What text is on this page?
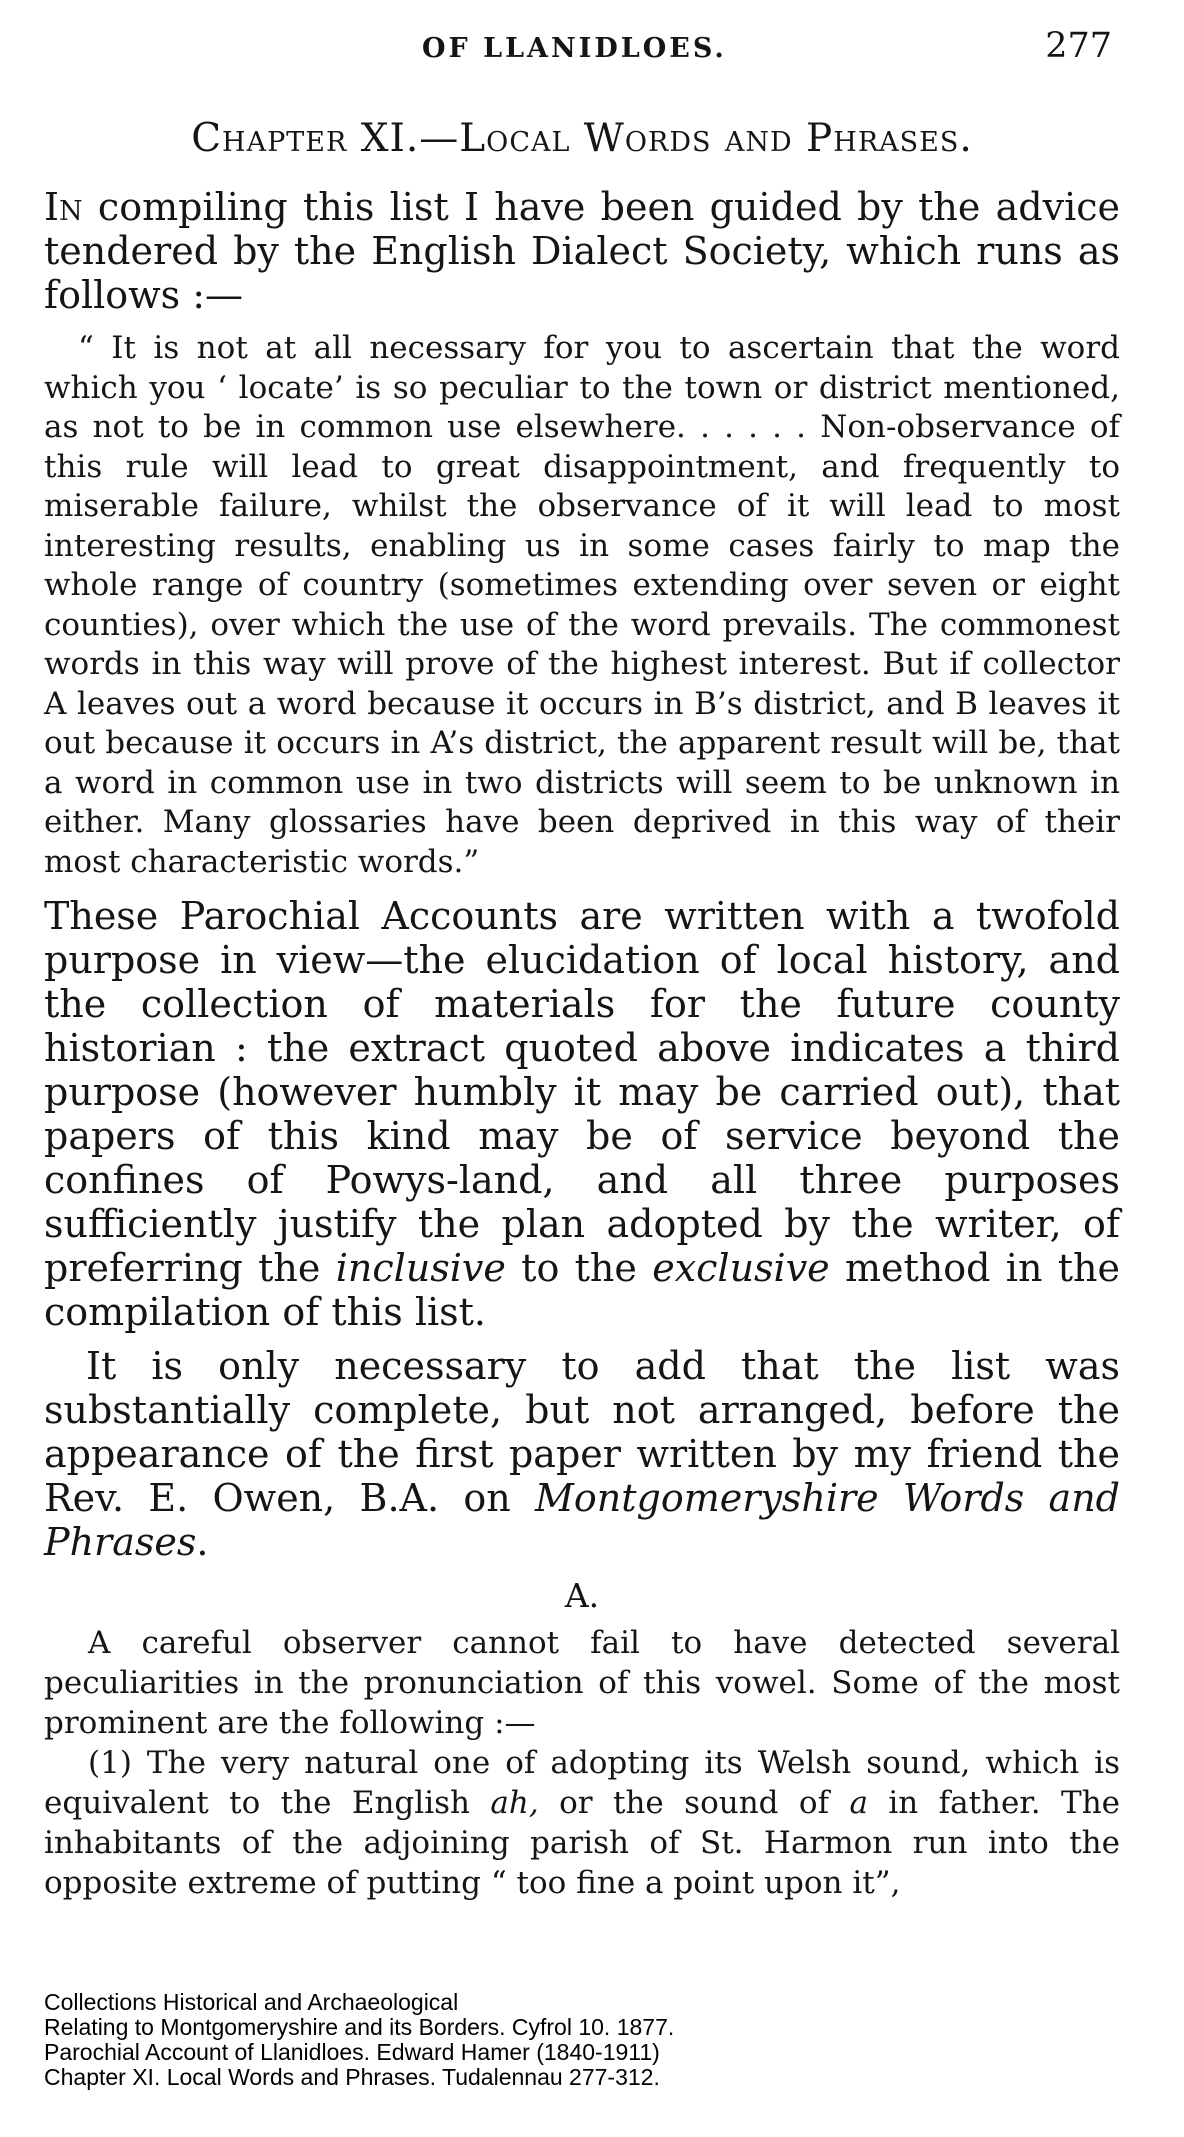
OF LLANIDLOES.	277
Chapter XI.—Local Words and Phrases.

In compiling this list I have been guided by the advice tendered by the English Dialect Society, which runs as follows :—

“ It is not at all necessary for you to ascertain that the word which you ‘ locate’ is so peculiar to the town or district mentioned, as not to be in common use elsewhere. . . . . . Non-observance of this rule will lead to great disappointment, and frequently to miserable failure, whilst the observance of it will lead to most interesting results, enabling us in some cases fairly to map the whole range of country (sometimes extending over seven or eight counties), over which the use of the word prevails. The commonest words in this way will prove of the highest interest. But if collector A leaves out a word because it occurs in B’s district, and B leaves it out because it occurs in A’s district, the apparent result will be, that a word in common use in two districts will seem to be unknown in either. Many glossaries have been deprived in this way of their most characteristic words.”

These Parochial Accounts are written with a twofold purpose in view—the elucidation of local history, and the collection of materials for the future county historian : the extract quoted above indicates a third purpose (however humbly it may be carried out), that papers of this kind may be of service beyond the confines of Powys-land, and all three purposes sufficiently justify the plan adopted by the writer, of preferring the inclusive to the exclusive method in the compilation of this list.

It is only necessary to add that the list was substantially complete, but not arranged, before the appearance of the first paper written by my friend the Rev. E. Owen, B.A. on Montgomeryshire Words and Phrases.

A.

A careful observer cannot fail to have detected several peculiarities in the pronunciation of this vowel. Some of the most prominent are the following :—

(1) The very natural one of adopting its Welsh sound, which is equivalent to the English ah, or the sound of a in father. The inhabitants of the adjoining parish of St. Harmon run into the opposite extreme of putting “ too fine a point upon it”,

Collections Historical and Archaeological
Relating to Montgomeryshire and its Borders. Cyfrol 10. 1877.
Parochial Account of Llanidloes. Edward Hamer (1840-1911)
Chapter XI. Local Words and Phrases. Tudalennau 277-312.
